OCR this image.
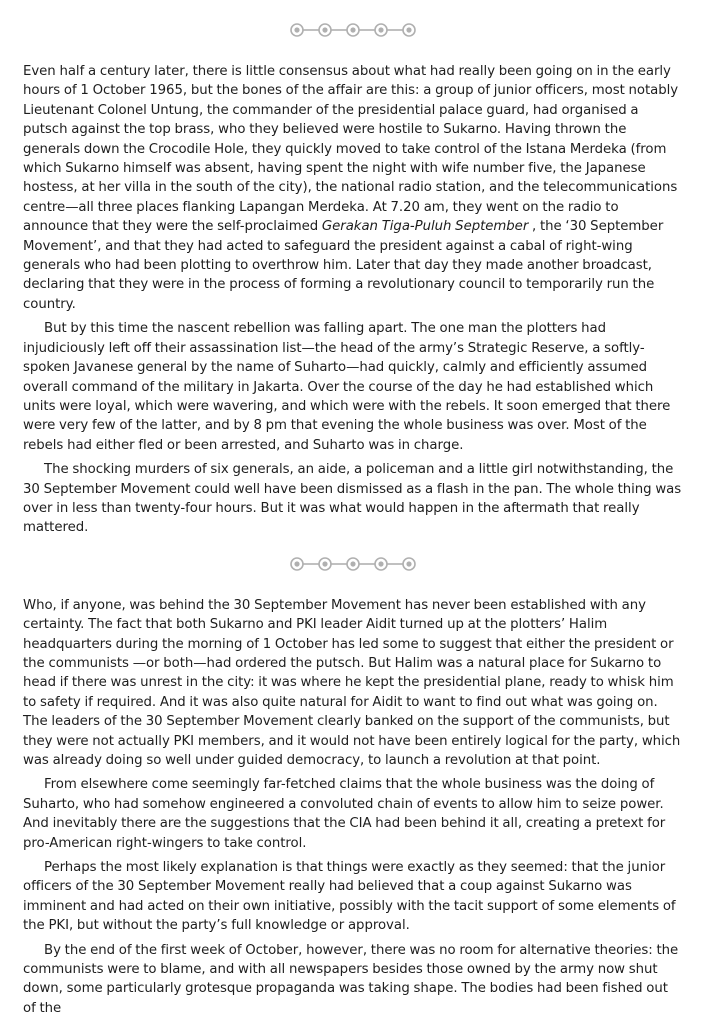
Even half a century later, there is little consensus about what had really been going on in the early hours of 1 October 1965, but the bones of the affair are this: a group of junior officers, most notably Lieutenant Colonel Untung, the commander of the presidential palace guard, had organised a putsch against the top brass, who they believed were hostile to Sukarno. Having thrown the generals down the Crocodile Hole, they quickly moved to take control of the Istana Merdeka (from which Sukarno himself was absent, having spent the night with wife number five, the Japanese hostess, at her villa in the south of the city), the national radio station, and the telecommunications centre—all three places flanking Lapangan Merdeka. At 7.20 am, they went on the radio to announce that they were the self-proclaimed Gerakan Tiga-Puluh September , the ‘30 September Movement’, and that they had acted to safeguard the president against a cabal of right-wing generals who had been plotting to overthrow him. Later that day they made another broadcast, declaring that they were in the process of forming a revolutionary council to temporarily run the country.

But by this time the nascent rebellion was falling apart. The one man the plotters had injudiciously left off their assassination list—the head of the army’s Strategic Reserve, a softly-spoken Javanese general by the name of Suharto—had quickly, calmly and efficiently assumed overall command of the military in Jakarta. Over the course of the day he had established which units were loyal, which were wavering, and which were with the rebels. It soon emerged that there were very few of the latter, and by 8 pm that evening the whole business was over. Most of the rebels had either fled or been arrested, and Suharto was in charge.

The shocking murders of six generals, an aide, a policeman and a little girl notwithstanding, the 30 September Movement could well have been dismissed as a flash in the pan. The whole thing was over in less than twenty-four hours. But it was what would happen in the aftermath that really mattered.

Who, if anyone, was behind the 30 September Movement has never been established with any certainty. The fact that both Sukarno and PKI leader Aidit turned up at the plotters’ Halim headquarters during the morning of 1 October has led some to suggest that either the president or the communists —or both—had ordered the putsch. But Halim was a natural place for Sukarno to head if there was unrest in the city: it was where he kept the presidential plane, ready to whisk him to safety if required. And it was also quite natural for Aidit to want to find out what was going on. The leaders of the 30 September Movement clearly banked on the support of the communists, but they were not actually PKI members, and it would not have been entirely logical for the party, which was already doing so well under guided democracy, to launch a revolution at that point.

From elsewhere come seemingly far-fetched claims that the whole business was the doing of Suharto, who had somehow engineered a convoluted chain of events to allow him to seize power. And inevitably there are the suggestions that the CIA had been behind it all, creating a pretext for pro-American right-wingers to take control.

Perhaps the most likely explanation is that things were exactly as they seemed: that the junior officers of the 30 September Movement really had believed that a coup against Sukarno was imminent and had acted on their own initiative, possibly with the tacit support of some elements of the PKI, but without the party’s full knowledge or approval.

By the end of the first week of October, however, there was no room for alternative theories: the communists were to blame, and with all newspapers besides those owned by the army now shut down, some particularly grotesque propaganda was taking shape. The bodies had been fished out of the
